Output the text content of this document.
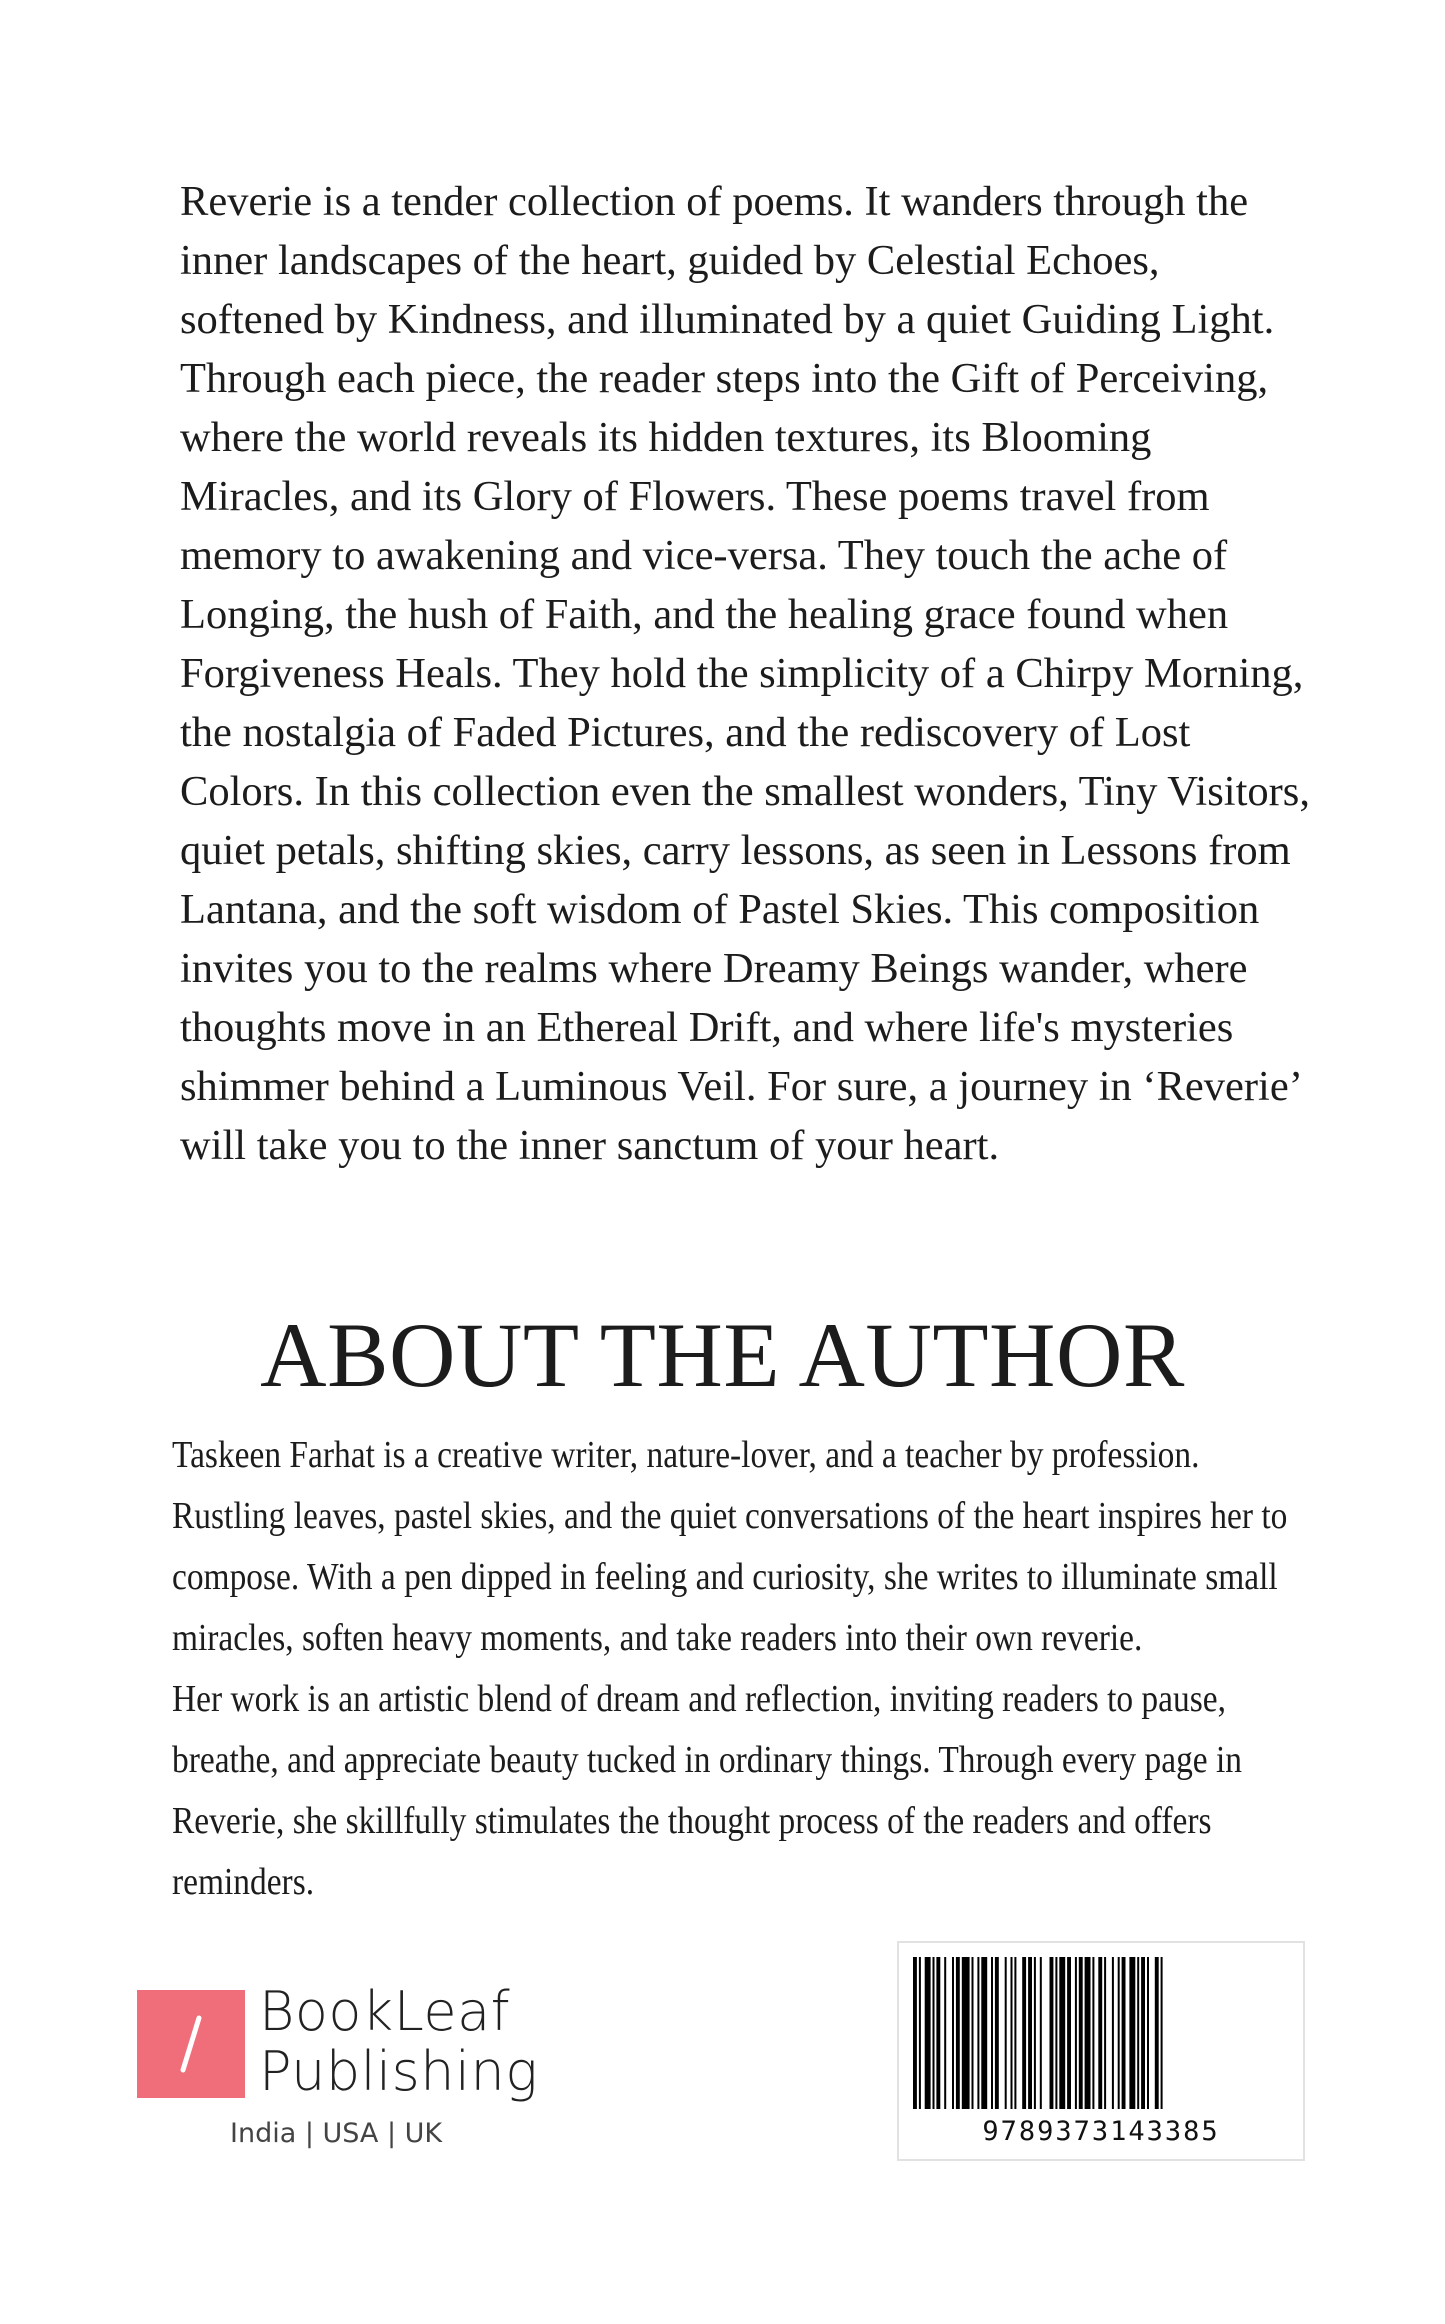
Reverie is a tender collection of poems. It wanders through the inner landscapes of the heart, guided by Celestial Echoes, softened by Kindness, and illuminated by a quiet Guiding Light. Through each piece, the reader steps into the Gift of Perceiving, where the world reveals its hidden textures, its Blooming Miracles, and its Glory of Flowers. These poems travel from memory to awakening and vice-versa. They touch the ache of Longing, the hush of Faith, and the healing grace found when Forgiveness Heals. They hold the simplicity of a Chirpy Morning, the nostalgia of Faded Pictures, and the rediscovery of Lost Colors. In this collection even the smallest wonders, Tiny Visitors, quiet petals, shifting skies, carry lessons, as seen in Lessons from Lantana, and the soft wisdom of Pastel Skies. This composition invites you to the realms where Dreamy Beings wander, where thoughts move in an Ethereal Drift, and where life's mysteries shimmer behind a Luminous Veil. For sure, a journey in ‘Reverie’ will take you to the inner sanctum of your heart.

ABOUT THE AUTHOR

Taskeen Farhat is a creative writer, nature-lover, and a teacher by profession. Rustling leaves, pastel skies, and the quiet conversations of the heart inspires her to compose. With a pen dipped in feeling and curiosity, she writes to illuminate small miracles, soften heavy moments, and take readers into their own reverie.

Her work is an artistic blend of dream and reflection, inviting readers to pause, breathe, and appreciate beauty tucked in ordinary things. Through every page in Reverie, she skillfully stimulates the thought process of the readers and offers reminders.

BookLeaf
Publishing
India | USA | UK	9789373143385
